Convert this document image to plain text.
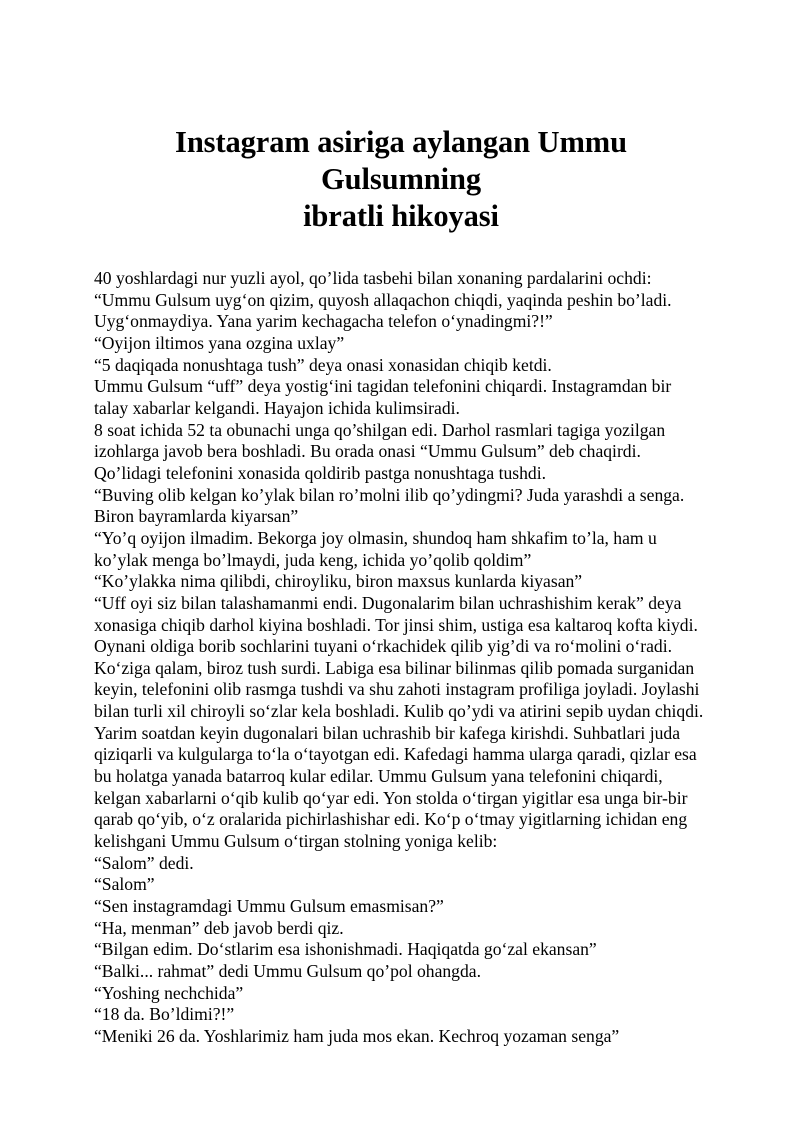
Instagram asiriga aylangan Ummu Gulsumning
ibratli hikoyasi

40 yoshlardagi nur yuzli ayol, qo’lida tasbehi bilan xonaning pardalarini ochdi:

“Ummu Gulsum uyg‘on qizim, quyosh allaqachon chiqdi, yaqinda peshin bo’ladi. Uyg‘onmaydiya. Yana yarim kechagacha telefon o‘ynadingmi?!”

“Oyijon iltimos yana ozgina uxlay”

“5 daqiqada nonushtaga tush” deya onasi xonasidan chiqib ketdi.

Ummu Gulsum “uff” deya yostig‘ini tagidan telefonini chiqardi. Instagramdan bir talay xabarlar kelgandi. Hayajon ichida kulimsiradi.

8 soat ichida 52 ta obunachi unga qo’shilgan edi. Darhol rasmlari tagiga yozilgan izohlarga javob bera boshladi. Bu orada onasi “Ummu Gulsum” deb chaqirdi. Qo’lidagi telefonini xonasida qoldirib pastga nonushtaga tushdi.

“Buving olib kelgan ko’ylak bilan ro’molni ilib qo’ydingmi? Juda yarashdi a senga. Biron bayramlarda kiyarsan”

“Yo’q oyijon ilmadim. Bekorga joy olmasin, shundoq ham shkafim to’la, ham u ko’ylak menga bo’lmaydi, juda keng, ichida yo’qolib qoldim”

“Ko’ylakka nima qilibdi, chiroyliku, biron maxsus kunlarda kiyasan”

“Uff oyi siz bilan talashamanmi endi. Dugonalarim bilan uchrashishim kerak” deya xonasiga chiqib darhol kiyina boshladi. Tor jinsi shim, ustiga esa kaltaroq kofta kiydi. Oynani oldiga borib sochlarini tuyani o‘rkachidek qilib yig’di va ro‘molini o‘radi. Ko‘ziga qalam, biroz tush surdi. Labiga esa bilinar bilinmas qilib pomada surganidan keyin, telefonini olib rasmga tushdi va shu zahoti instagram profiliga joyladi. Joylashi bilan turli xil chiroyli so‘zlar kela boshladi. Kulib qo’ydi va atirini sepib uydan chiqdi. Yarim soatdan keyin dugonalari bilan uchrashib bir kafega kirishdi. Suhbatlari juda qiziqarli va kulgularga to‘la o‘tayotgan edi. Kafedagi hamma ularga qaradi, qizlar esa bu holatga yanada batarroq kular edilar. Ummu Gulsum yana telefonini chiqardi, kelgan xabarlarni o‘qib kulib qo‘yar edi. Yon stolda o‘tirgan yigitlar esa unga bir-bir qarab qo‘yib, o‘z oralarida pichirlashishar edi. Ko‘p o‘tmay yigitlarning ichidan eng kelishgani Ummu Gulsum o‘tirgan stolning yoniga kelib:

“Salom” dedi.

“Salom”

“Sen instagramdagi Ummu Gulsum emasmisan?”

“Ha, menman” deb javob berdi qiz.

“Bilgan edim. Do‘stlarim esa ishonishmadi. Haqiqatda go‘zal ekansan”

“Balki... rahmat” dedi Ummu Gulsum qo’pol ohangda.

“Yoshing nechchida”

“18 da. Bo’ldimi?!”

“Meniki 26 da. Yoshlarimiz ham juda mos ekan. Kechroq yozaman senga”
